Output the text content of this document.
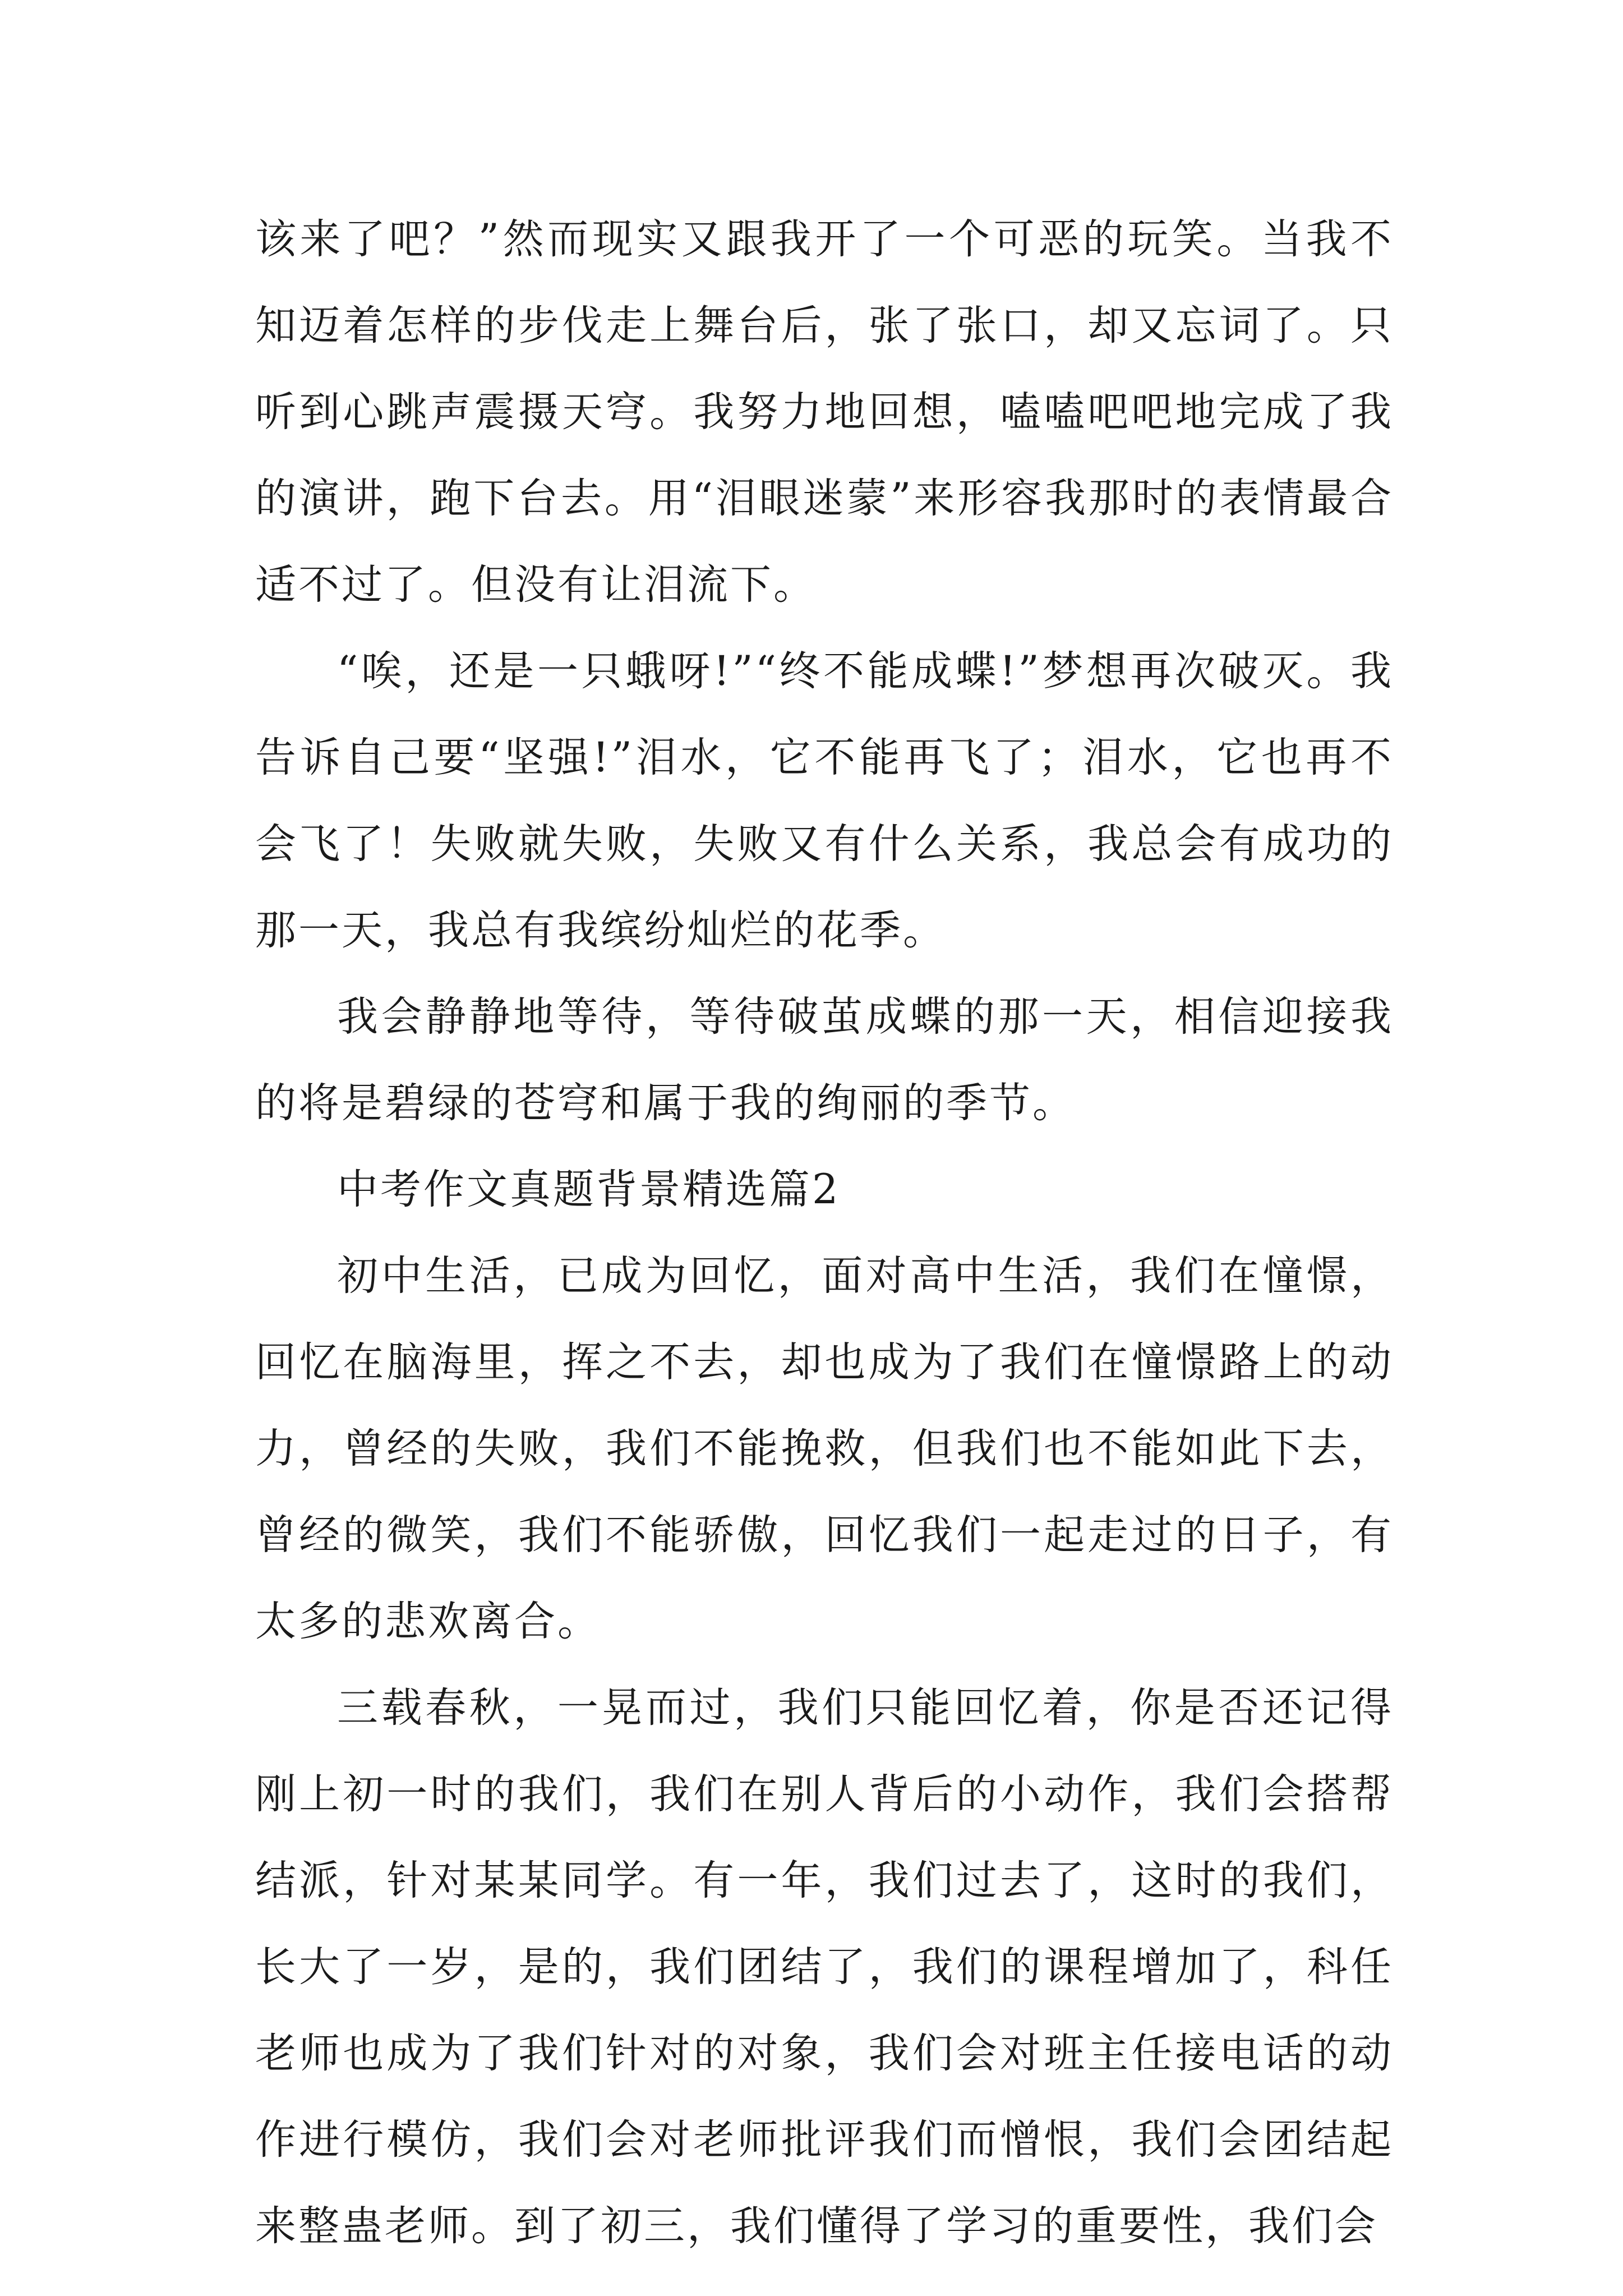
该来了吧？”然而现实又跟我开了一个可恶的玩笑。当我不知迈着怎样的步伐走上舞台后，张了张口，却又忘词了。只听到心跳声震摄天穹。我努力地回想，嗑嗑吧吧地完成了我的演讲，跑下台去。用“泪眼迷蒙”来形容我那时的表情最合适不过了。但没有让泪流下。

“唉，还是一只蛾呀!”“终不能成蝶!”梦想再次破灭。我告诉自己要“坚强!”泪水，它不能再飞了；泪水，它也再不会飞了！失败就失败，失败又有什么关系，我总会有成功的那一天，我总有我缤纷灿烂的花季。

我会静静地等待，等待破茧成蝶的那一天，相信迎接我的将是碧绿的苍穹和属于我的绚丽的季节。

中考作文真题背景精选篇2

初中生活，已成为回忆，面对高中生活，我们在憧憬，回忆在脑海里，挥之不去，却也成为了我们在憧憬路上的动力，曾经的失败，我们不能挽救，但我们也不能如此下去，曾经的微笑，我们不能骄傲，回忆我们一起走过的日子，有太多的悲欢离合。

三载春秋，一晃而过，我们只能回忆着，你是否还记得刚上初一时的我们，我们在别人背后的小动作，我们会搭帮结派，针对某某同学。有一年，我们过去了，这时的我们，长大了一岁，是的，我们团结了，我们的课程增加了，科任老师也成为了我们针对的对象，我们会对班主任接电话的动作进行模仿，我们会对老师批评我们而憎恨，我们会团结起来整蛊老师。到了初三，我们懂得了学习的重要性，我们会
